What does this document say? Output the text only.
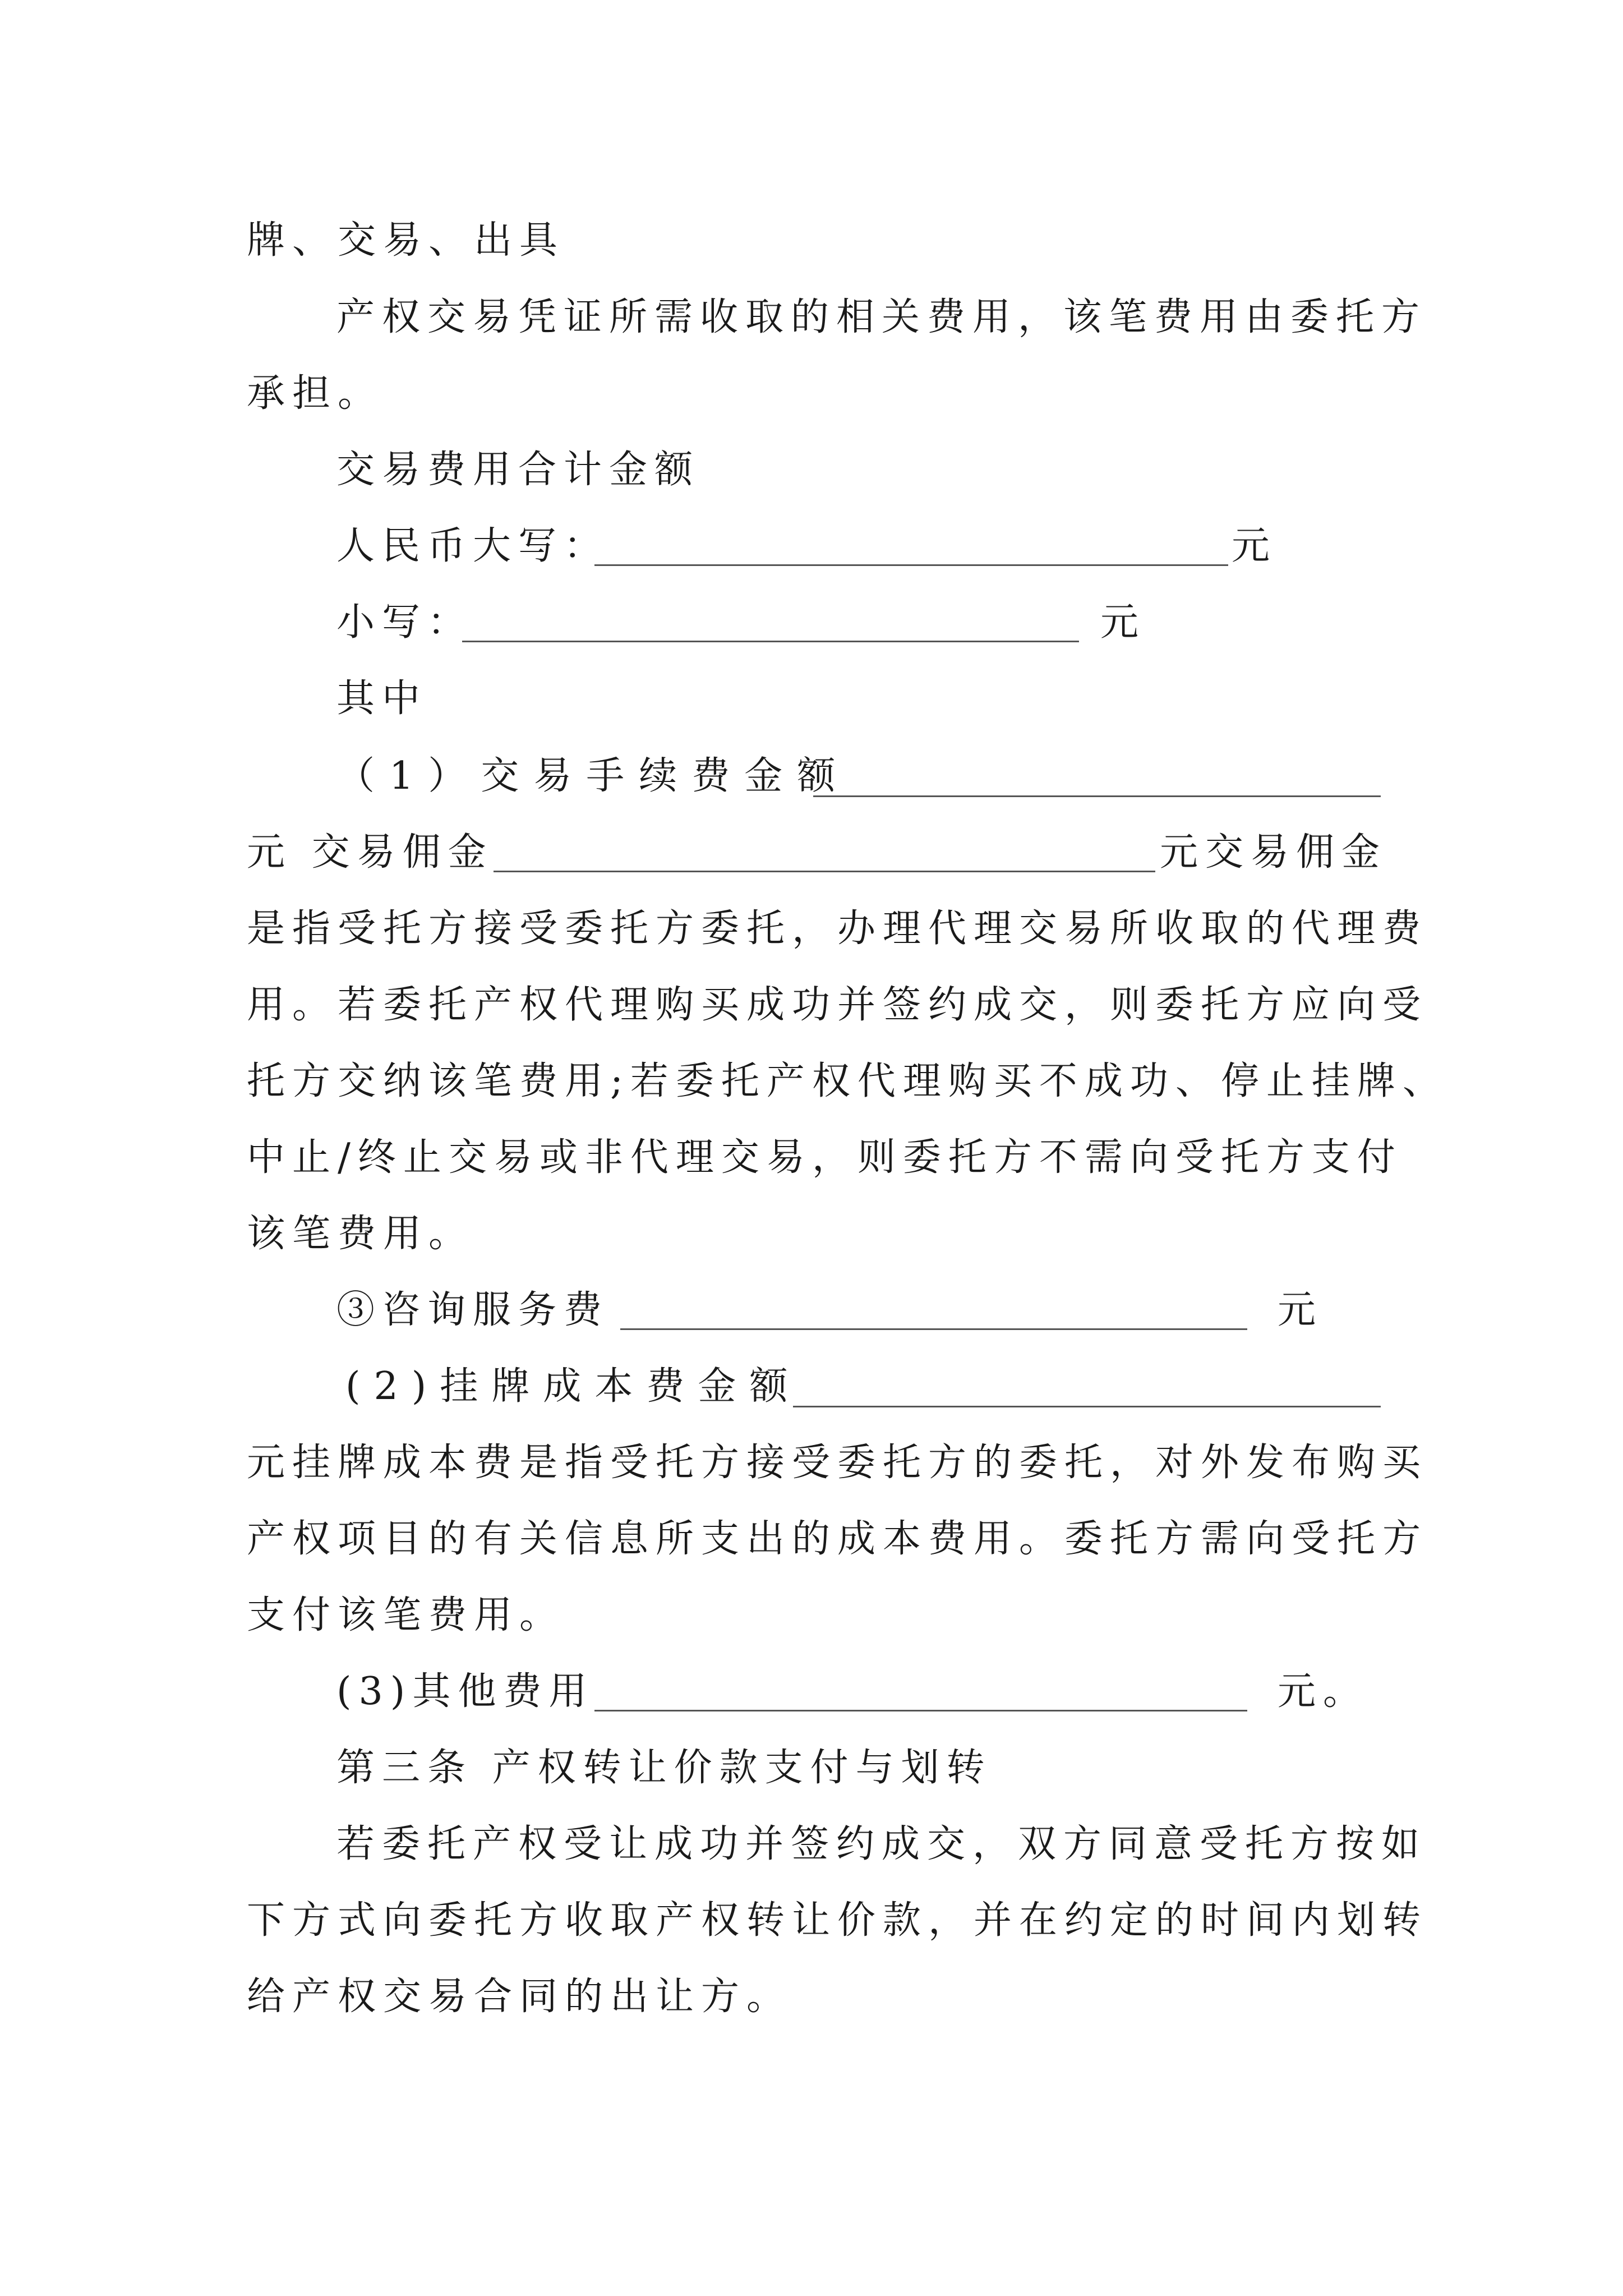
牌、交易、出具
产权交易凭证所需收取的相关费用，该笔费用由委托方
承担。
交易费用合计金额
人民币大写：	元
小写：	元
其中
（1）交易手续费金额
元 交易佣金	元交易佣金
是指受托方接受委托方委托，办理代理交易所收取的代理费
用。若委托产权代理购买成功并签约成交，则委托方应向受
托方交纳该笔费用;若委托产权代理购买不成功、停止挂牌、
中止/终止交易或非代理交易，则委托方不需向受托方支付
该笔费用。
③咨询服务费	元
(2)挂牌成本费金额
元挂牌成本费是指受托方接受委托方的委托，对外发布购买
产权项目的有关信息所支出的成本费用。委托方需向受托方
支付该笔费用。
(3)其他费用	元。
第三条 产权转让价款支付与划转
若委托产权受让成功并签约成交，双方同意受托方按如
下方式向委托方收取产权转让价款，并在约定的时间内划转
给产权交易合同的出让方。
